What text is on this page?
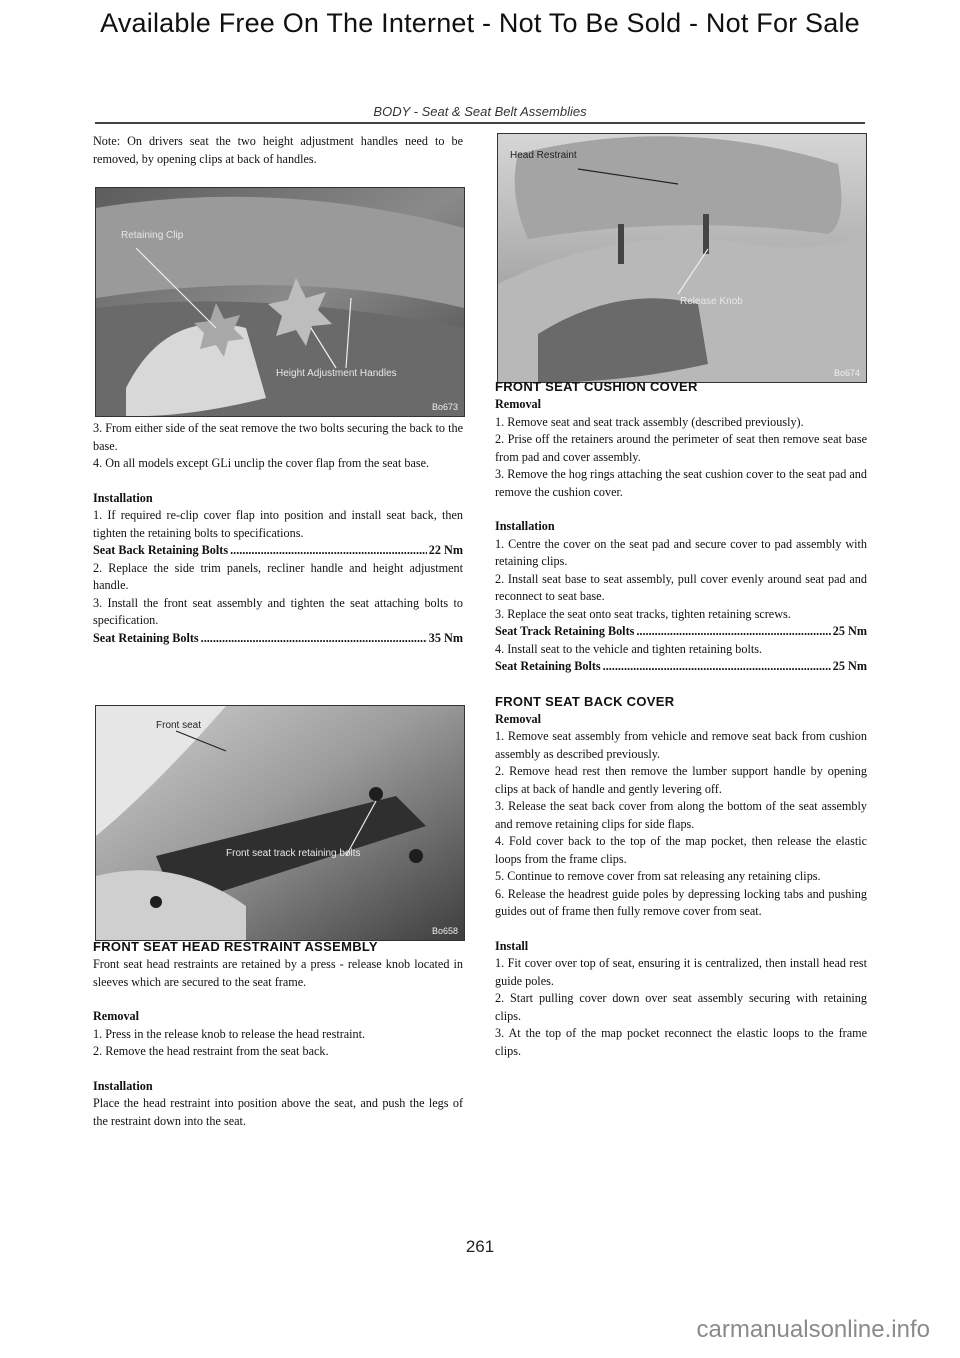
Available Free On The Internet - Not To Be Sold - Not For Sale
BODY - Seat & Seat Belt Assemblies

Note: On drivers seat the two height adjustment handles need to be removed, by opening clips at back of handles.

Retaining Clip
Height Adjustment Handles
Bo673

3. From either side of the seat remove the two bolts securing the back to the base.

4. On all models except GLi unclip the cover flap from the seat base.

Installation

1. If required re-clip cover flap into position and install seat back, then tighten the retaining bolts to specifications.

Seat Back Retaining Bolts .....	22 Nm

2. Replace the side trim panels, recliner handle and height adjustment handle.

3. Install the front seat assembly and tighten the seat attaching bolts to specification.

Seat Retaining Bolts .....	35 Nm

Front seat
Front seat track retaining bolts
Bo658

FRONT SEAT HEAD RESTRAINT ASSEMBLY

Front seat head restraints are retained by a press - release knob located in sleeves which are secured to the seat frame.

Removal

1. Press in the release knob to release the head restraint.

2. Remove the head restraint from the seat back.

Installation

Place the head restraint into position above the seat, and push the legs of the restraint down into the seat.

Head Restraint
Release Knob
Bo674

FRONT SEAT CUSHION COVER

Removal

1. Remove seat and seat track assembly (described previously).

2. Prise off the retainers around the perimeter of seat then remove seat base from pad and cover assembly.

3. Remove the hog rings attaching the seat cushion cover to the seat pad and remove the cushion cover.

Installation

1. Centre the cover on the seat pad and secure cover to pad assembly with retaining clips.

2. Install seat base to seat assembly, pull cover evenly around seat pad and reconnect to seat base.

3. Replace the seat onto seat tracks, tighten retaining screws.

Seat Track Retaining Bolts .....	25 Nm

4. Install seat to the vehicle and tighten retaining bolts.

Seat Retaining Bolts .....	25 Nm

FRONT SEAT BACK COVER

Removal

1. Remove seat assembly from vehicle and remove seat back from cushion assembly as described previously.

2. Remove head rest then remove the lumber support handle by opening clips at back of handle and gently levering off.

3. Release the seat back cover from along the bottom of the seat assembly and remove retaining clips for side flaps.

4. Fold cover back to the top of the map pocket, then release the elastic loops from the frame clips.

5. Continue to remove cover from sat releasing any retaining clips.

6. Release the headrest guide poles by depressing locking tabs and pushing guides out of frame then fully remove cover from seat.

Install

1. Fit cover over top of seat, ensuring it is centralized, then install head rest guide poles.

2. Start pulling cover down over seat assembly securing with retaining clips.

3. At the top of the map pocket reconnect the elastic loops to the frame clips.

261
carmanualsonline.info
